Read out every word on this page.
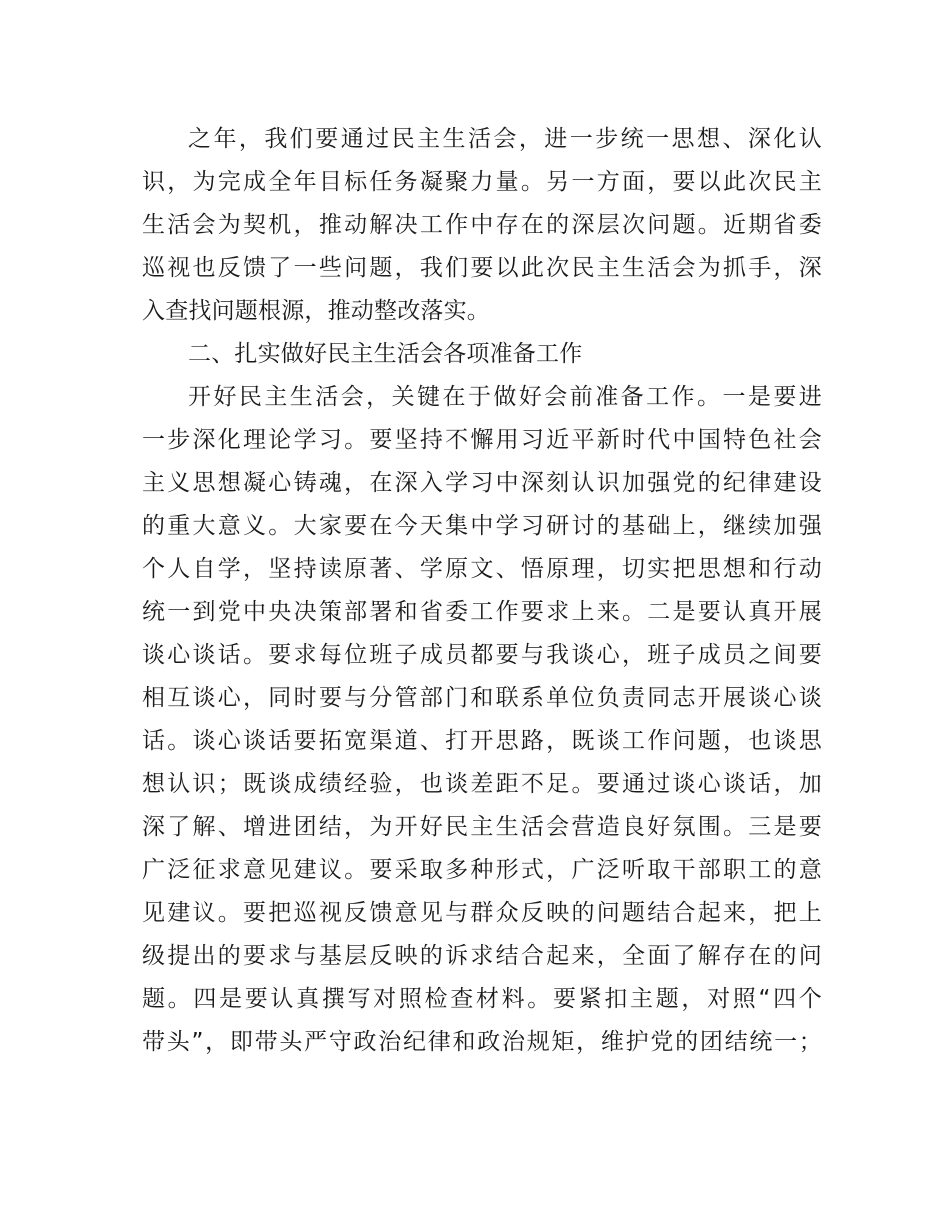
之年，我们要通过民主生活会，进一步统一思想、深化认
识，为完成全年目标任务凝聚力量。另一方面，要以此次民主
生活会为契机，推动解决工作中存在的深层次问题。近期省委
巡视也反馈了一些问题，我们要以此次民主生活会为抓手，深
入查找问题根源，推动整改落实。
二、扎实做好民主生活会各项准备工作
开好民主生活会，关键在于做好会前准备工作。一是要进
一步深化理论学习。要坚持不懈用习近平新时代中国特色社会
主义思想凝心铸魂，在深入学习中深刻认识加强党的纪律建设
的重大意义。大家要在今天集中学习研讨的基础上，继续加强
个人自学，坚持读原著、学原文、悟原理，切实把思想和行动
统一到党中央决策部署和省委工作要求上来。二是要认真开展
谈心谈话。要求每位班子成员都要与我谈心，班子成员之间要
相互谈心，同时要与分管部门和联系单位负责同志开展谈心谈
话。谈心谈话要拓宽渠道、打开思路，既谈工作问题，也谈思
想认识；既谈成绩经验，也谈差距不足。要通过谈心谈话，加
深了解、增进团结，为开好民主生活会营造良好氛围。三是要
广泛征求意见建议。要采取多种形式，广泛听取干部职工的意
见建议。要把巡视反馈意见与群众反映的问题结合起来，把上
级提出的要求与基层反映的诉求结合起来，全面了解存在的问
题。四是要认真撰写对照检查材料。要紧扣主题，对照“四个
带头”，即带头严守政治纪律和政治规矩，维护党的团结统一；
